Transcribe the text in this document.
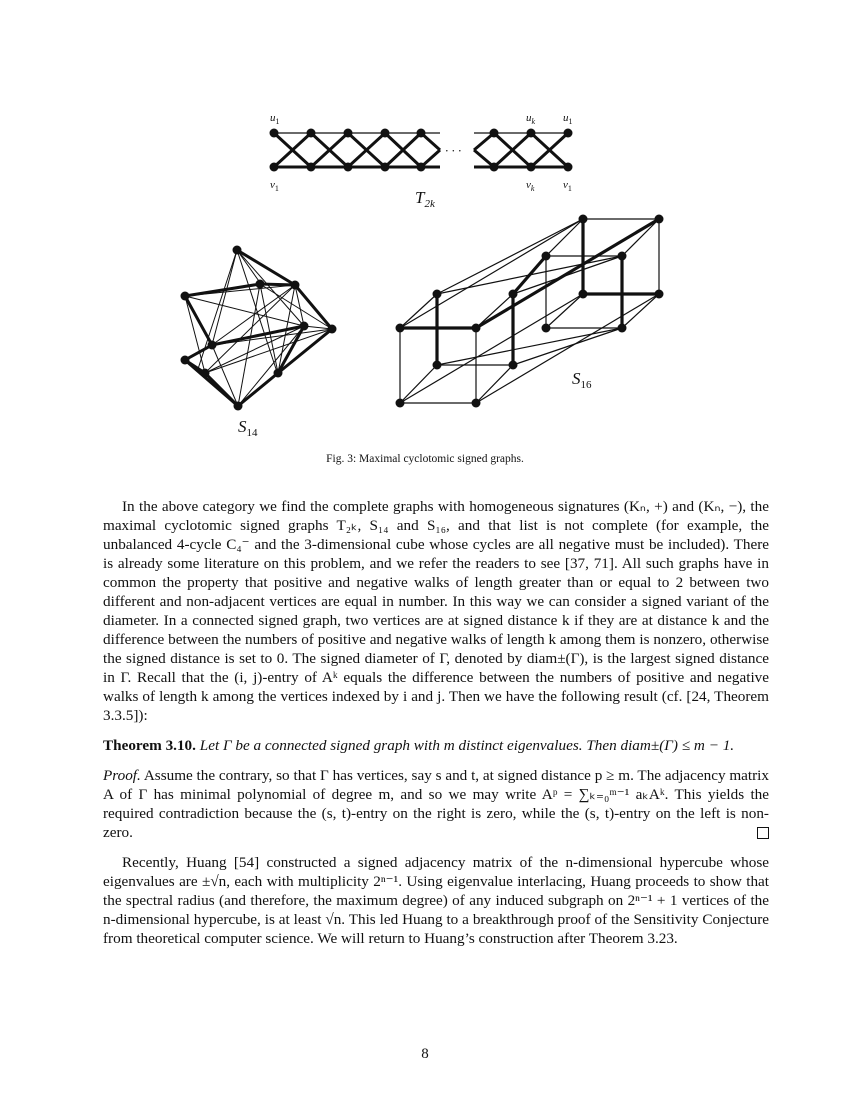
$u_1$	$u_k$	$u_1$
$v_1$	$v_k$	$v_1$
· · ·
$T_{2k}$
$S_{14}$
$S_{16}$
Fig. 3: Maximal cyclotomic signed graphs.

In the above category we find the complete graphs with homogeneous signatures (Kₙ, +) and (Kₙ, −), the maximal cyclotomic signed graphs T₂ₖ, S₁₄ and S₁₆, and that list is not complete (for example, the unbalanced 4-cycle C₄⁻ and the 3-dimensional cube whose cycles are all negative must be included). There is already some literature on this problem, and we refer the readers to see [37, 71]. All such graphs have in common the property that positive and negative walks of length greater than or equal to 2 between two different and non-adjacent vertices are equal in number. In this way we can consider a signed variant of the diameter. In a connected signed graph, two vertices are at signed distance k if they are at distance k and the difference between the numbers of positive and negative walks of length k among them is nonzero, otherwise the signed distance is set to 0. The signed diameter of Γ, denoted by diam±(Γ), is the largest signed distance in Γ. Recall that the (i, j)-entry of Aᵏ equals the difference between the numbers of positive and negative walks of length k among the vertices indexed by i and j. Then we have the following result (cf. [24, Theorem 3.3.5]):

Theorem 3.10. Let Γ be a connected signed graph with m distinct eigenvalues. Then diam±(Γ) ≤ m − 1.

Proof. Assume the contrary, so that Γ has vertices, say s and t, at signed distance p ≥ m. The adjacency matrix A of Γ has minimal polynomial of degree m, and so we may write Aᵖ = ∑ₖ₌₀ᵐ⁻¹ aₖAᵏ. This yields the required contradiction because the (s, t)-entry on the right is zero, while the (s, t)-entry on the left is non-zero.

Recently, Huang [54] constructed a signed adjacency matrix of the n-dimensional hypercube whose eigenvalues are ±√n, each with multiplicity 2ⁿ⁻¹. Using eigenvalue interlacing, Huang proceeds to show that the spectral radius (and therefore, the maximum degree) of any induced subgraph on 2ⁿ⁻¹ + 1 vertices of the n-dimensional hypercube, is at least √n. This led Huang to a breakthrough proof of the Sensitivity Conjecture from theoretical computer science. We will return to Huang’s construction after Theorem 3.23.

8
